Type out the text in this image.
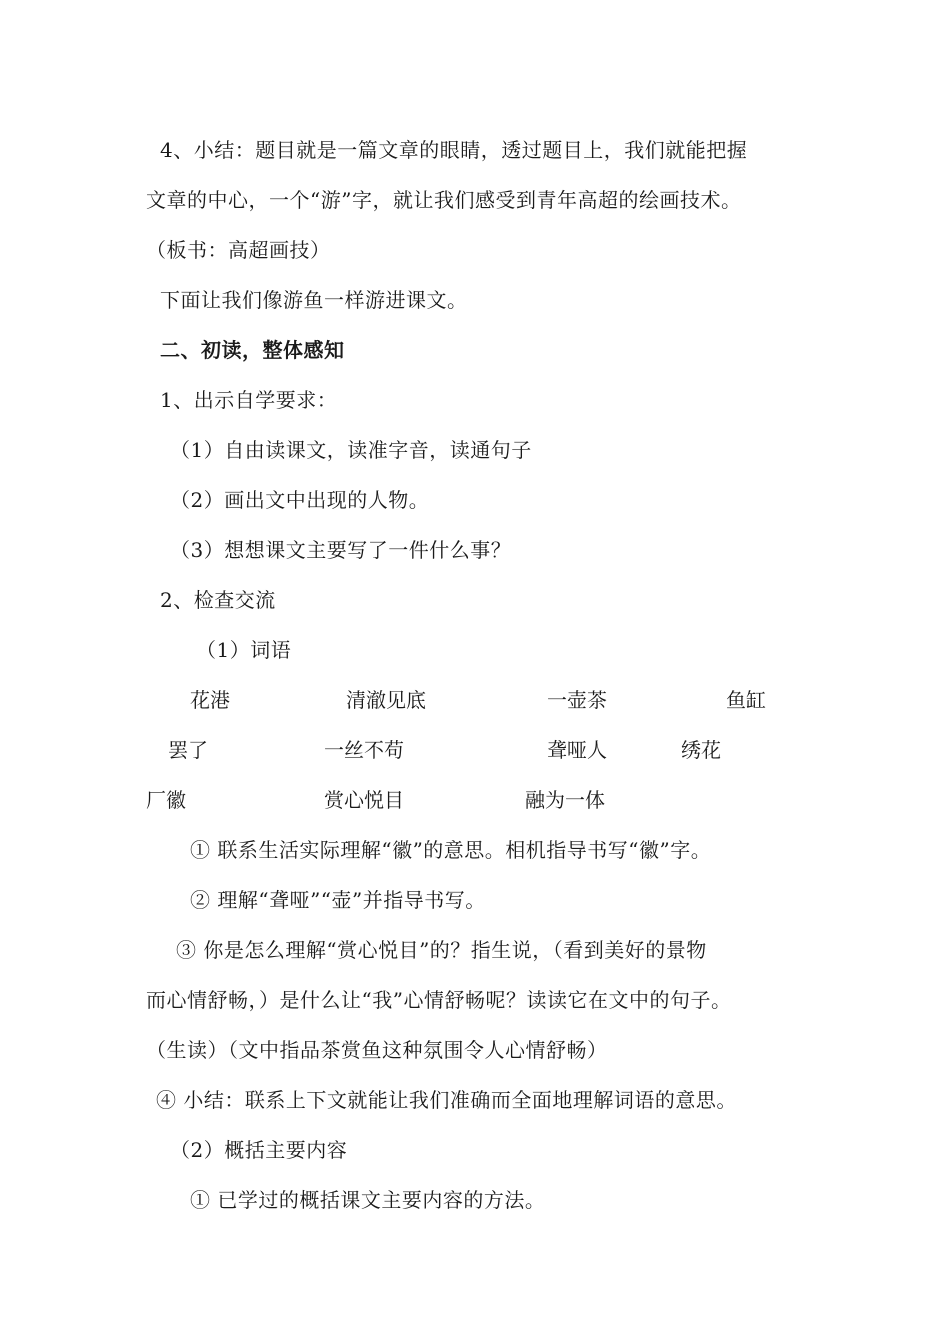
4、小结：题目就是一篇文章的眼睛，透过题目上，我们就能把握
文章的中心，一个“游”字，就让我们感受到青年高超的绘画技术。
（板书：高超画技）
下面让我们像游鱼一样游进课文。
二、初读，整体感知
1、出示自学要求：
（1）自由读课文，读准字音，读通句子
（2）画出文中出现的人物。
（3）想想课文主要写了一件什么事？
2、检查交流
（1）词语
花港	清澈见底	一壶茶	鱼缸
罢了	一丝不苟	聋哑人	绣花
厂徽	赏心悦目	融为一体
① 联系生活实际理解“徽”的意思。相机指导书写“徽”字。
② 理解“聋哑”“壶”并指导书写。
③ 你是怎么理解“赏心悦目”的？指生说，（看到美好的景物
而心情舒畅，）是什么让“我”心情舒畅呢？读读它在文中的句子。
（生读）（文中指品茶赏鱼这种氛围令人心情舒畅）
④ 小结：联系上下文就能让我们准确而全面地理解词语的意思。
（2）概括主要内容
① 已学过的概括课文主要内容的方法。
